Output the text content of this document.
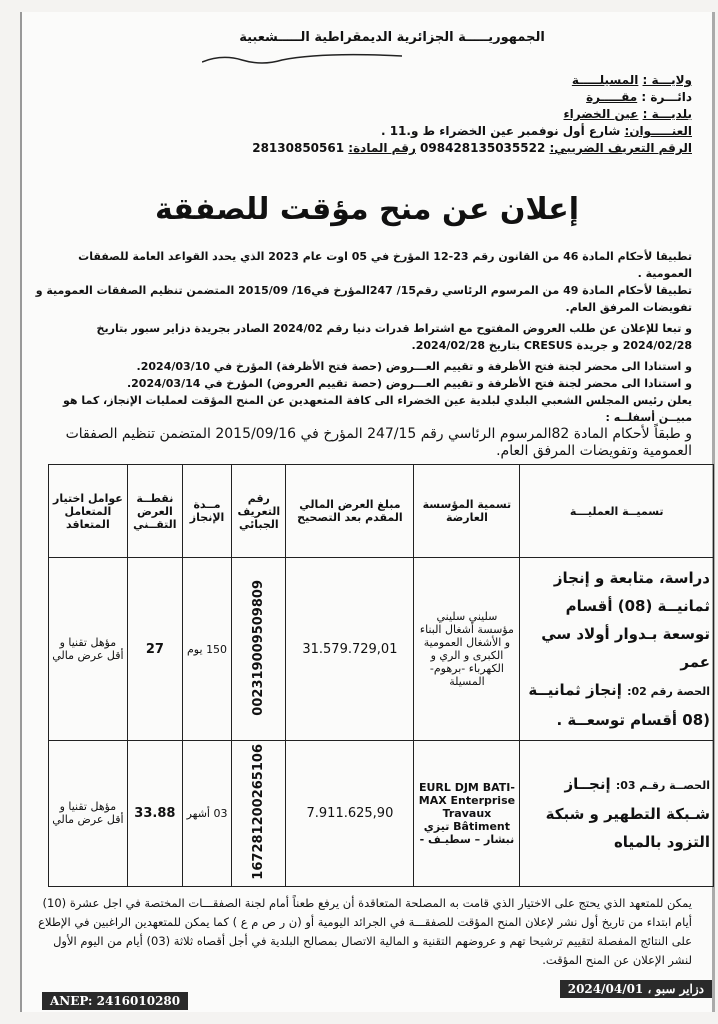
الجمهوريـــــة الجزائرية الديمقراطية الـــــشعبية
ولايـــة : المسيلـــــة
دائـــرة : مقـــــرة
بلديـــة : عين الخضراء
العنـــــوان: شارع أول نوفمبر عين الخضراء ط و.11 .
الرقم التعريف الضريبي: 098428135035522 رقم المادة: 28130850561
إعلان عن منح مؤقت للصفقة
تطبيقا لأحكام المادة 46 من القانون رقم 23-12 المؤرخ في 05 اوت عام 2023 الذي يحدد القواعد العامة للصفقات العمومية .
تطبيقا لأحكام المادة 49 من المرسوم الرئاسي رقم15/ 247المؤرخ في16/ 2015/09 المتضمن تنظيم الصفقات العمومية و تفويضات المرفق العام.
و تبعا للإعلان عن طلب العروض المفتوح مع اشتراط قدرات دنيا رقم 2024/02 الصادر بجريدة دزاير سبور بتاريخ 2024/02/28 و جريدة CRESUS بتاريخ 2024/02/28.
و استنادا الى محضر لجنة فتح الأظرفة و تقييم العـــروض (حصة فتح الأظرفة) المؤرخ في 2024/03/10.
و استنادا الى محضر لجنة فتح الأظرفة و تقييم العـــروض (حصة تقييم العروض) المؤرخ في 2024/03/14.
يعلن رئيس المجلس الشعبي البلدي لبلدية عين الخضراء الى كافة المتعهدين عن المنح المؤقت لعمليات الإنجاز، كما هو مبيــن أسفلــه :
و طبقاً لأحكام المادة 82المرسوم الرئاسي رقم 247/15 المؤرخ في 2015/09/16 المتضمن تنظيم الصفقات العمومية وتفويضات المرفق العام.
تسميــة العمليـــة	تسمية المؤسسة العارضة	مبلغ العرض المالي المقدم بعد التصحيح	رقم التعريف الجبائي	مــدة الإنجاز	نقطــة العرض التقــني	عوامل اختيار المتعامل المتعاقد

دراسة، متابعة و إنجاز ثمانيــة (08) أقسام توسعة بـدوار أولاد سي عمر
الحصة رقم 02: إنجاز ثمانيــة (08 أقسام توسعــة .	سليني سليني مؤسسة أشغال البناء و الأشغال العمومية الكبرى و الري و الكهرباء -برهوم- المسيلة	31.579.729,01	002319009509809	150 يوم	27	مؤهل تقنيا و أقل عرض مالي
الحصــة رقـم 03: إنجــاز شـبكة التطهير و شبكة التزود بالمياه	EURL DJM BATI-MAX Enterprise Travaux Bâtiment تيزي نبشار – سطيـف -	7.911.625,90	167281200265106	03 أشهر	33.88	مؤهل تقنيا و أقل عرض مالي
يمكن للمتعهد الذي يحتج على الاختيار الذي قامت به المصلحة المتعاقدة أن يرفع طعناً أمام لجنة الصفقـــات المختصة في اجل عشرة (10) أيام ابتداء من تاريخ أول نشر لإعلان المنح المؤقت للصفقـــة في الجرائد اليومية أو (ن ر ص م ع ) كما يمكن للمتعهدين الراغبين في الإطلاع على النتائج المفصلة لتقييم ترشيحا تهم و عروضهم التقنية و المالية الاتصال بمصالح البلدية في أجل أقصاه ثلاثة (03) أيام من اليوم الأول لنشر الإعلان عن المنح المؤقت.
دزاير سبو ، 2024/04/01
ANEP: 2416010280
